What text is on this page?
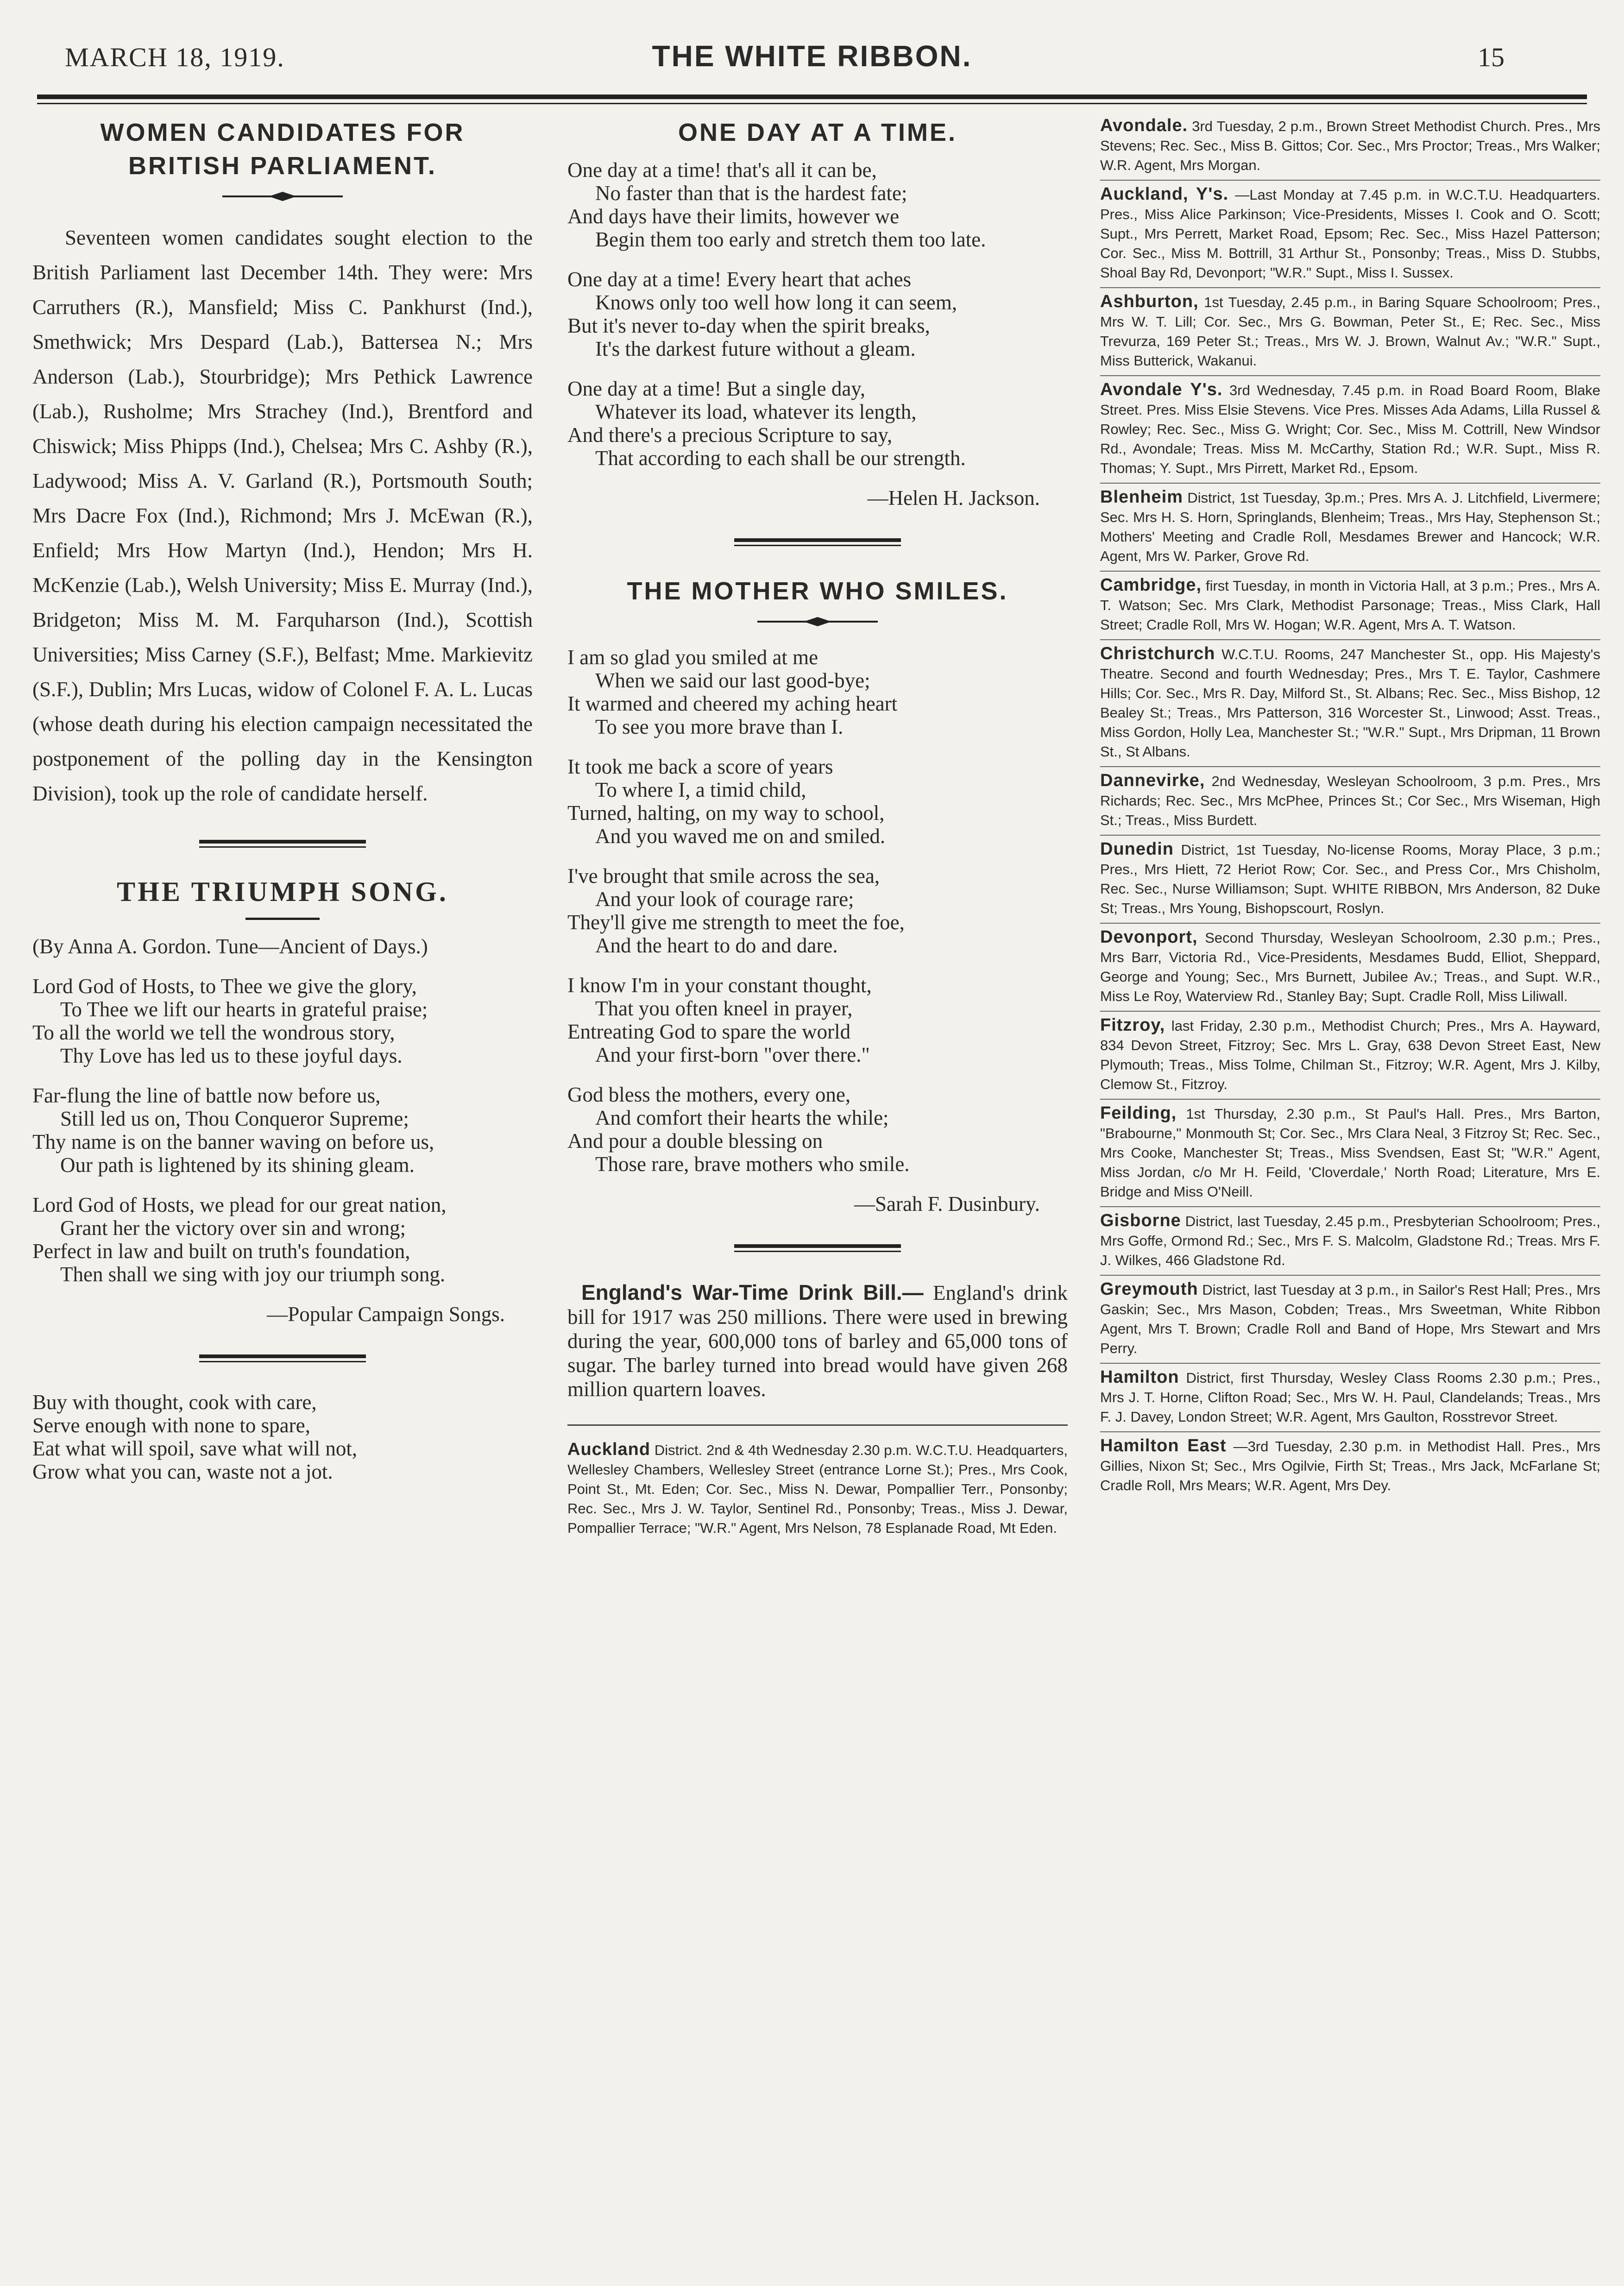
MARCH 18, 1919.	THE WHITE RIBBON.	15
WOMEN CANDIDATES FOR
BRITISH PARLIAMENT.

Seventeen women candidates sought election to the British Parliament last December 14th. They were: Mrs Carruthers (R.), Mansfield; Miss C. Pankhurst (Ind.), Smethwick; Mrs Despard (Lab.), Battersea N.; Mrs Anderson (Lab.), Stourbridge); Mrs Pethick Lawrence (Lab.), Rusholme; Mrs Strachey (Ind.), Brentford and Chiswick; Miss Phipps (Ind.), Chelsea; Mrs C. Ashby (R.), Ladywood; Miss A. V. Garland (R.), Portsmouth South; Mrs Dacre Fox (Ind.), Richmond; Mrs J. McEwan (R.), Enfield; Mrs How Martyn (Ind.), Hendon; Mrs H. McKenzie (Lab.), Welsh University; Miss E. Murray (Ind.), Bridgeton; Miss M. M. Farquharson (Ind.), Scottish Universities; Miss Carney (S.F.), Belfast; Mme. Markievitz (S.F.), Dublin; Mrs Lucas, widow of Colonel F. A. L. Lucas (whose death during his election campaign necessitated the postponement of the polling day in the Kensington Division), took up the role of candidate herself.

THE TRIUMPH SONG.
(By Anna A. Gordon. Tune—Ancient of Days.)
Lord God of Hosts, to Thee we give the glory,
To Thee we lift our hearts in grateful praise;
To all the world we tell the wondrous story,
Thy Love has led us to these joyful days.
Far-flung the line of battle now before us,
Still led us on, Thou Conqueror Supreme;
Thy name is on the banner waving on before us,
Our path is lightened by its shining gleam.
Lord God of Hosts, we plead for our great nation,
Grant her the victory over sin and wrong;
Perfect in law and built on truth's foundation,
Then shall we sing with joy our triumph song.
—Popular Campaign Songs.
Buy with thought, cook with care,
Serve enough with none to spare,
Eat what will spoil, save what will not,
Grow what you can, waste not a jot.
ONE DAY AT A TIME.
One day at a time! that's all it can be,
No faster than that is the hardest fate;
And days have their limits, however we
Begin them too early and stretch them too late.
One day at a time! Every heart that aches
Knows only too well how long it can seem,
But it's never to-day when the spirit breaks,
It's the darkest future without a gleam.
One day at a time! But a single day,
Whatever its load, whatever its length,
And there's a precious Scripture to say,
That according to each shall be our strength.
—Helen H. Jackson.
THE MOTHER WHO SMILES.
I am so glad you smiled at me
When we said our last good-bye;
It warmed and cheered my aching heart
To see you more brave than I.
It took me back a score of years
To where I, a timid child,
Turned, halting, on my way to school,
And you waved me on and smiled.
I've brought that smile across the sea,
And your look of courage rare;
They'll give me strength to meet the foe,
And the heart to do and dare.
I know I'm in your constant thought,
That you often kneel in prayer,
Entreating God to spare the world
And your first-born "over there."
God bless the mothers, every one,
And comfort their hearts the while;
And pour a double blessing on
Those rare, brave mothers who smile.
—Sarah F. Dusinbury.
England's War-Time Drink Bill.— England's drink bill for 1917 was 250 millions. There were used in brewing during the year, 600,000 tons of barley and 65,000 tons of sugar. The barley turned into bread would have given 268 million quartern loaves.
Auckland District. 2nd & 4th Wednesday 2.30 p.m. W.C.T.U. Headquarters, Wellesley Chambers, Wellesley Street (entrance Lorne St.); Pres., Mrs Cook, Point St., Mt. Eden; Cor. Sec., Miss N. Dewar, Pompallier Terr., Ponsonby; Rec. Sec., Mrs J. W. Taylor, Sentinel Rd., Ponsonby; Treas., Miss J. Dewar, Pompallier Terrace; "W.R." Agent, Mrs Nelson, 78 Esplanade Road, Mt Eden.
Avondale. 3rd Tuesday, 2 p.m., Brown Street Methodist Church. Pres., Mrs Stevens; Rec. Sec., Miss B. Gittos; Cor. Sec., Mrs Proctor; Treas., Mrs Walker; W.R. Agent, Mrs Morgan.
Auckland, Y's. —Last Monday at 7.45 p.m. in W.C.T.U. Headquarters. Pres., Miss Alice Parkinson; Vice-Presidents, Misses I. Cook and O. Scott; Supt., Mrs Perrett, Market Road, Epsom; Rec. Sec., Miss Hazel Patterson; Cor. Sec., Miss M. Bottrill, 31 Arthur St., Ponsonby; Treas., Miss D. Stubbs, Shoal Bay Rd, Devonport; "W.R." Supt., Miss I. Sussex.
Ashburton, 1st Tuesday, 2.45 p.m., in Baring Square Schoolroom; Pres., Mrs W. T. Lill; Cor. Sec., Mrs G. Bowman, Peter St., E; Rec. Sec., Miss Trevurza, 169 Peter St.; Treas., Mrs W. J. Brown, Walnut Av.; "W.R." Supt., Miss Butterick, Wakanui.
Avondale Y's. 3rd Wednesday, 7.45 p.m. in Road Board Room, Blake Street. Pres. Miss Elsie Stevens. Vice Pres. Misses Ada Adams, Lilla Russel & Rowley; Rec. Sec., Miss G. Wright; Cor. Sec., Miss M. Cottrill, New Windsor Rd., Avondale; Treas. Miss M. McCarthy, Station Rd.; W.R. Supt., Miss R. Thomas; Y. Supt., Mrs Pirrett, Market Rd., Epsom.
Blenheim District, 1st Tuesday, 3p.m.; Pres. Mrs A. J. Litchfield, Livermere; Sec. Mrs H. S. Horn, Springlands, Blenheim; Treas., Mrs Hay, Stephenson St.; Mothers' Meeting and Cradle Roll, Mesdames Brewer and Hancock; W.R. Agent, Mrs W. Parker, Grove Rd.
Cambridge, first Tuesday, in month in Victoria Hall, at 3 p.m.; Pres., Mrs A. T. Watson; Sec. Mrs Clark, Methodist Parsonage; Treas., Miss Clark, Hall Street; Cradle Roll, Mrs W. Hogan; W.R. Agent, Mrs A. T. Watson.
Christchurch W.C.T.U. Rooms, 247 Manchester St., opp. His Majesty's Theatre. Second and fourth Wednesday; Pres., Mrs T. E. Taylor, Cashmere Hills; Cor. Sec., Mrs R. Day, Milford St., St. Albans; Rec. Sec., Miss Bishop, 12 Bealey St.; Treas., Mrs Patterson, 316 Worcester St., Linwood; Asst. Treas., Miss Gordon, Holly Lea, Manchester St.; "W.R." Supt., Mrs Dripman, 11 Brown St., St Albans.
Dannevirke, 2nd Wednesday, Wesleyan Schoolroom, 3 p.m. Pres., Mrs Richards; Rec. Sec., Mrs McPhee, Princes St.; Cor Sec., Mrs Wiseman, High St.; Treas., Miss Burdett.
Dunedin District, 1st Tuesday, No-license Rooms, Moray Place, 3 p.m.; Pres., Mrs Hiett, 72 Heriot Row; Cor. Sec., and Press Cor., Mrs Chisholm, Rec. Sec., Nurse Williamson; Supt. WHITE RIBBON, Mrs Anderson, 82 Duke St; Treas., Mrs Young, Bishopscourt, Roslyn.
Devonport, Second Thursday, Wesleyan Schoolroom, 2.30 p.m.; Pres., Mrs Barr, Victoria Rd., Vice-Presidents, Mesdames Budd, Elliot, Sheppard, George and Young; Sec., Mrs Burnett, Jubilee Av.; Treas., and Supt. W.R., Miss Le Roy, Waterview Rd., Stanley Bay; Supt. Cradle Roll, Miss Liliwall.
Fitzroy, last Friday, 2.30 p.m., Methodist Church; Pres., Mrs A. Hayward, 834 Devon Street, Fitzroy; Sec. Mrs L. Gray, 638 Devon Street East, New Plymouth; Treas., Miss Tolme, Chilman St., Fitzroy; W.R. Agent, Mrs J. Kilby, Clemow St., Fitzroy.
Feilding, 1st Thursday, 2.30 p.m., St Paul's Hall. Pres., Mrs Barton, "Brabourne," Monmouth St; Cor. Sec., Mrs Clara Neal, 3 Fitzroy St; Rec. Sec., Mrs Cooke, Manchester St; Treas., Miss Svendsen, East St; "W.R." Agent, Miss Jordan, c/o Mr H. Feild, 'Cloverdale,' North Road; Literature, Mrs E. Bridge and Miss O'Neill.
Gisborne District, last Tuesday, 2.45 p.m., Presbyterian Schoolroom; Pres., Mrs Goffe, Ormond Rd.; Sec., Mrs F. S. Malcolm, Gladstone Rd.; Treas. Mrs F. J. Wilkes, 466 Gladstone Rd.
Greymouth District, last Tuesday at 3 p.m., in Sailor's Rest Hall; Pres., Mrs Gaskin; Sec., Mrs Mason, Cobden; Treas., Mrs Sweetman, White Ribbon Agent, Mrs T. Brown; Cradle Roll and Band of Hope, Mrs Stewart and Mrs Perry.
Hamilton District, first Thursday, Wesley Class Rooms 2.30 p.m.; Pres., Mrs J. T. Horne, Clifton Road; Sec., Mrs W. H. Paul, Clandelands; Treas., Mrs F. J. Davey, London Street; W.R. Agent, Mrs Gaulton, Rosstrevor Street.
Hamilton East —3rd Tuesday, 2.30 p.m. in Methodist Hall. Pres., Mrs Gillies, Nixon St; Sec., Mrs Ogilvie, Firth St; Treas., Mrs Jack, McFarlane St; Cradle Roll, Mrs Mears; W.R. Agent, Mrs Dey.
